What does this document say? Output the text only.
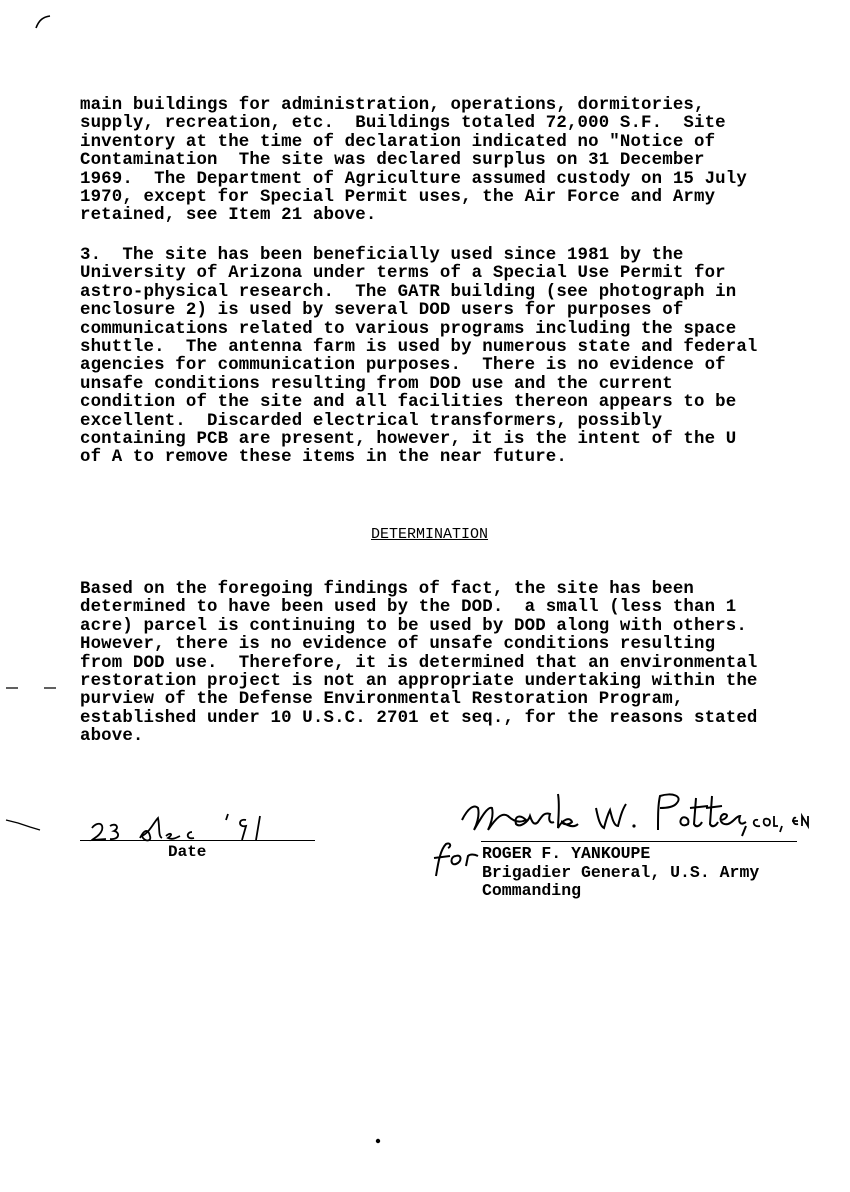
main buildings for administration, operations, dormitories,
supply, recreation, etc.  Buildings totaled 72,000 S.F.  Site
inventory at the time of declaration indicated no "Notice of
Contamination  The site was declared surplus on 31 December
1969.  The Department of Agriculture assumed custody on 15 July
1970, except for Special Permit uses, the Air Force and Army
retained, see Item 21 above.

3.  The site has been beneficially used since 1981 by the
University of Arizona under terms of a Special Use Permit for
astro-physical research.  The GATR building (see photograph in
enclosure 2) is used by several DOD users for purposes of
communications related to various programs including the space
shuttle.  The antenna farm is used by numerous state and federal
agencies for communication purposes.  There is no evidence of
unsafe conditions resulting from DOD use and the current
condition of the site and all facilities thereon appears to be
excellent.  Discarded electrical transformers, possibly
containing PCB are present, however, it is the intent of the U
of A to remove these items in the near future.

DETERMINATION

Based on the foregoing findings of fact, the site has been
determined to have been used by the DOD.  a small (less than 1
acre) parcel is continuing to be used by DOD along with others.
However, there is no evidence of unsafe conditions resulting
from DOD use.  Therefore, it is determined that an environmental
restoration project is not an appropriate undertaking within the
purview of the Defense Environmental Restoration Program,
established under 10 U.S.C. 2701 et seq., for the reasons stated
above.

Date	ROGER F. YANKOUPE
Brigadier General, U.S. Army
Commanding
